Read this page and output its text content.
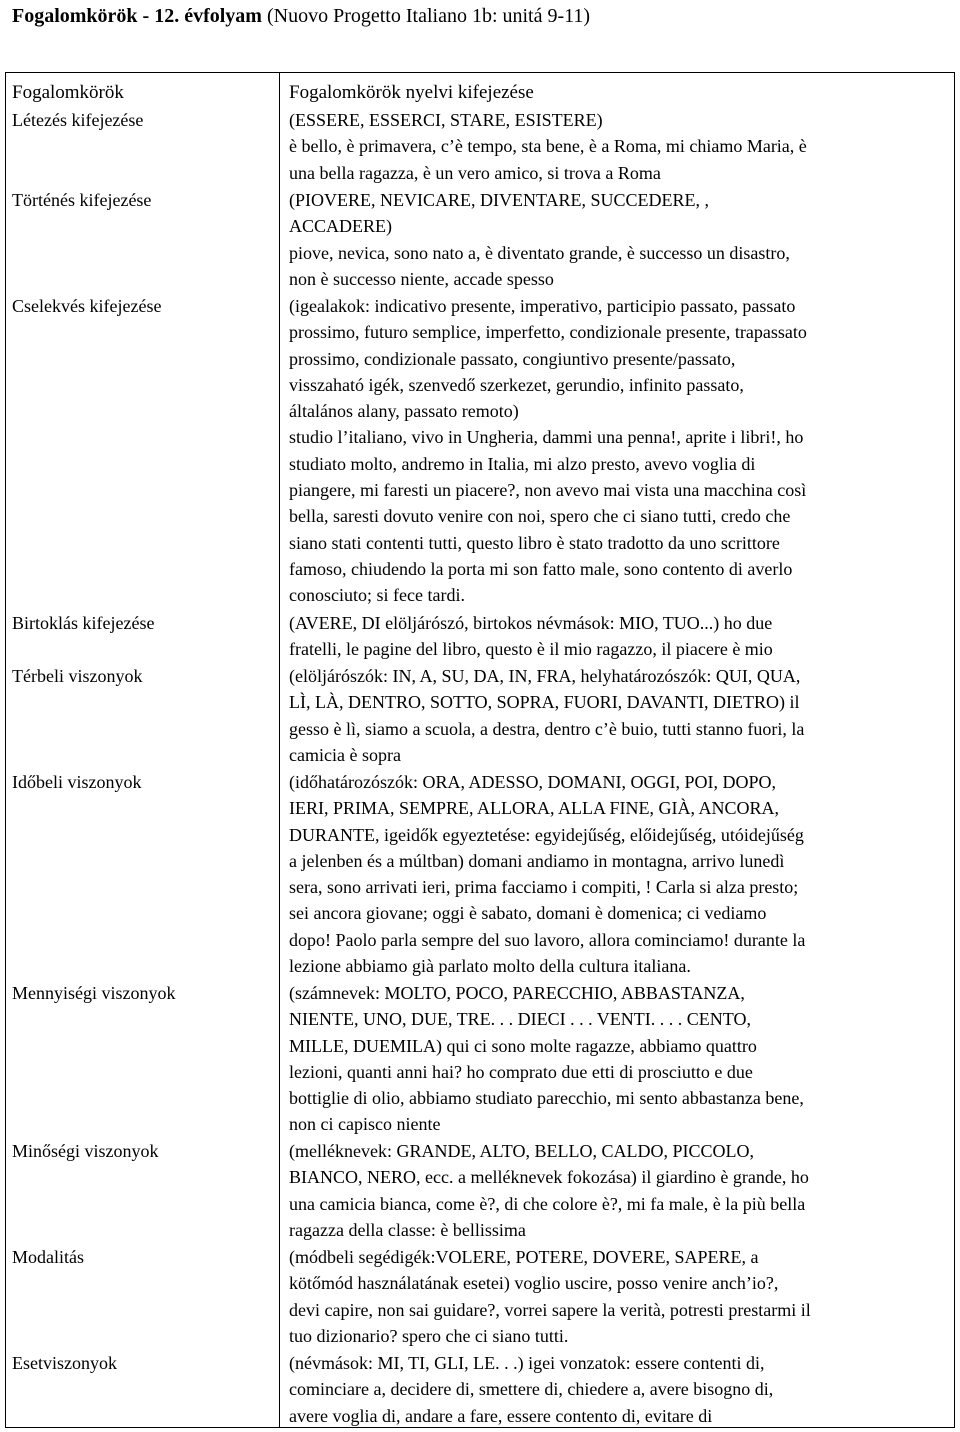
Fogalomkörök - 12. évfolyam (Nuovo Progetto Italiano 1b: unitá 9-11)
Fogalomkörök	Fogalomkörök nyelvi kifejezése
Létezés kifejezése	(ESSERE, ESSERCI, STARE, ESISTERE)
è bello, è primavera, c’è tempo, sta bene, è a Roma, mi chiamo Maria, è
una bella ragazza, è un vero amico, si trova a Roma
Történés kifejezése	(PIOVERE, NEVICARE, DIVENTARE, SUCCEDERE, ,
ACCADERE)
piove, nevica, sono nato a, è diventato grande, è successo un disastro,
non è successo niente, accade spesso
Cselekvés kifejezése	(igealakok: indicativo presente, imperativo, participio passato, passato
prossimo, futuro semplice, imperfetto, condizionale presente, trapassato
prossimo, condizionale passato, congiuntivo presente/passato,
visszaható igék, szenvedő szerkezet, gerundio, infinito passato,
általános alany, passato remoto)
studio l’italiano, vivo in Ungheria, dammi una penna!, aprite i libri!, ho
studiato molto, andremo in Italia, mi alzo presto, avevo voglia di
piangere, mi faresti un piacere?, non avevo mai vista una macchina così
bella, saresti dovuto venire con noi, spero che ci siano tutti, credo che
siano stati contenti tutti, questo libro è stato tradotto da uno scrittore
famoso, chiudendo la porta mi son fatto male, sono contento di averlo
conosciuto; si fece tardi.
Birtoklás kifejezése	(AVERE, DI elöljárószó, birtokos névmások: MIO, TUO...) ho due
fratelli, le pagine del libro, questo è il mio ragazzo, il piacere è mio
Térbeli viszonyok	(elöljárószók: IN, A, SU, DA, IN, FRA, helyhatározószók: QUI, QUA,
LÌ, LÀ, DENTRO, SOTTO, SOPRA, FUORI, DAVANTI, DIETRO) il
gesso è lì, siamo a scuola, a destra, dentro c’è buio, tutti stanno fuori, la
camicia è sopra
Időbeli viszonyok	(időhatározószók: ORA, ADESSO, DOMANI, OGGI, POI, DOPO,
IERI, PRIMA, SEMPRE, ALLORA, ALLA FINE, GIÀ, ANCORA,
DURANTE, igeidők egyeztetése: egyidejűség, előidejűség, utóidejűség
a jelenben és a múltban) domani andiamo in montagna, arrivo lunedì
sera, sono arrivati ieri, prima facciamo i compiti, ! Carla si alza presto;
sei ancora giovane; oggi è sabato, domani è domenica; ci vediamo
dopo! Paolo parla sempre del suo lavoro, allora cominciamo! durante la
lezione abbiamo già parlato molto della cultura italiana.
Mennyiségi viszonyok	(számnevek: MOLTO, POCO, PARECCHIO, ABBASTANZA,
NIENTE, UNO, DUE, TRE. . . DIECI . . . VENTI. . . . CENTO,
MILLE, DUEMILA) qui ci sono molte ragazze, abbiamo quattro
lezioni, quanti anni hai? ho comprato due etti di prosciutto e due
bottiglie di olio, abbiamo studiato parecchio, mi sento abbastanza bene,
non ci capisco niente
Minőségi viszonyok	(melléknevek: GRANDE, ALTO, BELLO, CALDO, PICCOLO,
BIANCO, NERO, ecc. a melléknevek fokozása) il giardino è grande, ho
una camicia bianca, come è?, di che colore è?, mi fa male, è la più bella
ragazza della classe: è bellissima
Modalitás	(módbeli segédigék:VOLERE, POTERE, DOVERE, SAPERE, a
kötőmód használatának esetei) voglio uscire, posso venire anch’io?,
devi capire, non sai guidare?, vorrei sapere la verità, potresti prestarmi il
tuo dizionario? spero che ci siano tutti.
Esetviszonyok	(névmások: MI, TI, GLI, LE. . .) igei vonzatok: essere contenti di,
cominciare a, decidere di, smettere di, chiedere a, avere bisogno di,
avere voglia di, andare a fare, essere contento di, evitare di
